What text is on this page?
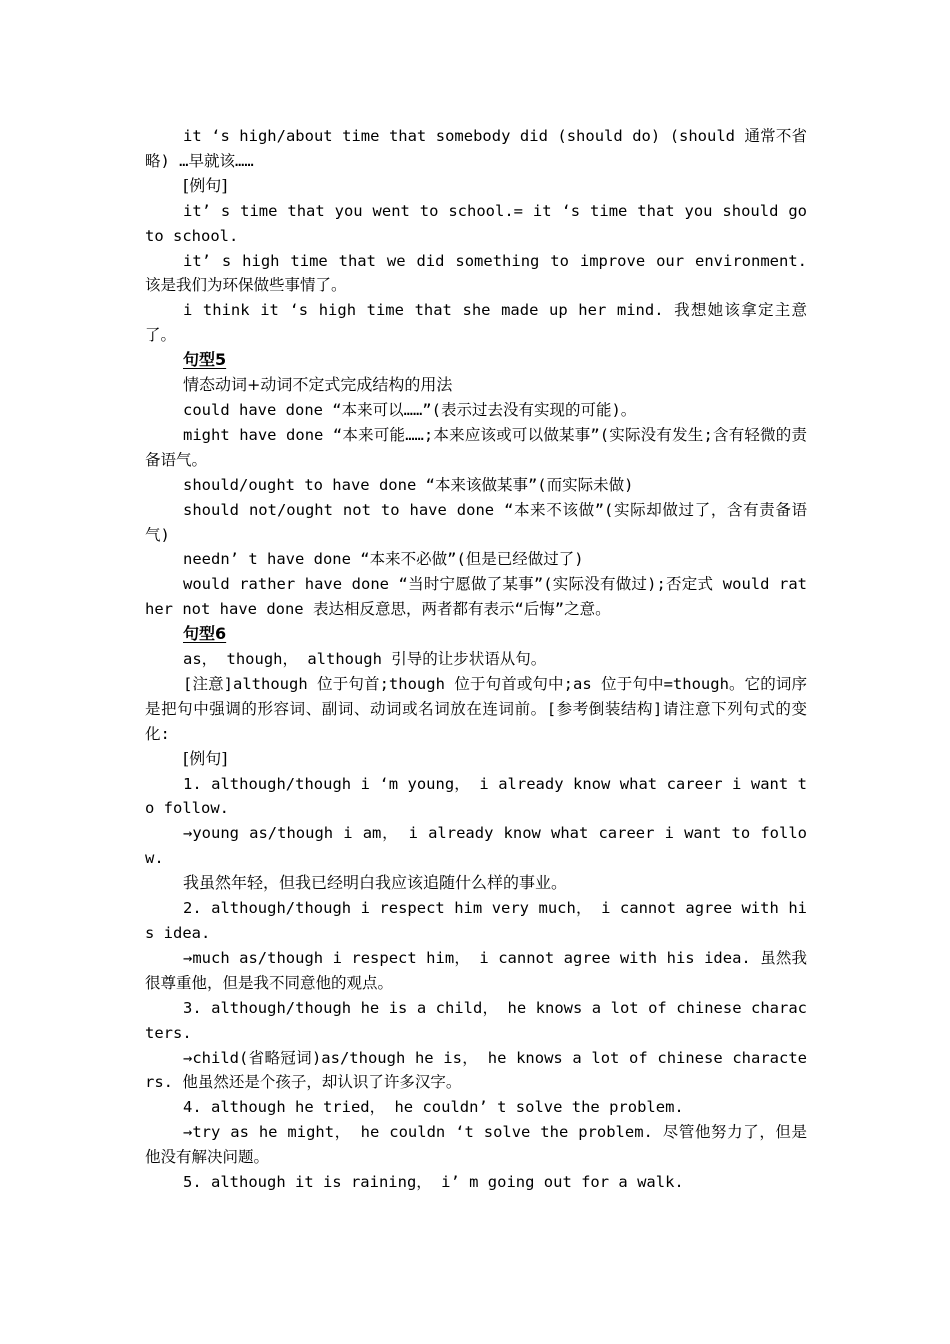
it ‘s high/about time that somebody did (should do) (should 通常不省略) …早就该……

[例句]

it’ s time that you went to school.= it ‘s time that you should go to school.

it’ s high time that we did something to improve our environment. 该是我们为环保做些事情了。

i think it ‘s high time that she made up her mind. 我想她该拿定主意了。

句型5

情态动词+动词不定式完成结构的用法

could have done “本来可以……”(表示过去没有实现的可能)。

might have done “本来可能……;本来应该或可以做某事”(实际没有发生;含有轻微的责备语气。

should/ought to have done “本来该做某事”(而实际未做)

should not/ought not to have done “本来不该做”(实际却做过了，含有责备语气)

needn’ t have done “本来不必做”(但是已经做过了)

would rather have done “当时宁愿做了某事”(实际没有做过);否定式 would rather not have done 表达相反意思，两者都有表示“后悔”之意。

句型6

as， though， although 引导的让步状语从句。

[注意]although 位于句首;though 位于句首或句中;as 位于句中=though。它的词序是把句中强调的形容词、副词、动词或名词放在连词前。[参考倒装结构]请注意下列句式的变化:

[例句]

1. although/though i ‘m young， i already know what career i want to follow.

→young as/though i am， i already know what career i want to follow.

我虽然年轻，但我已经明白我应该追随什么样的事业。

2. although/though i respect him very much， i cannot agree with his idea.

→much as/though i respect him， i cannot agree with his idea. 虽然我很尊重他，但是我不同意他的观点。

3. although/though he is a child， he knows a lot of chinese characters.

→child(省略冠词)as/though he is， he knows a lot of chinese characters. 他虽然还是个孩子，却认识了许多汉字。

4. although he tried， he couldn’ t solve the problem.

→try as he might， he couldn ‘t solve the problem. 尽管他努力了，但是他没有解决问题。

5. although it is raining， i’ m going out for a walk.
